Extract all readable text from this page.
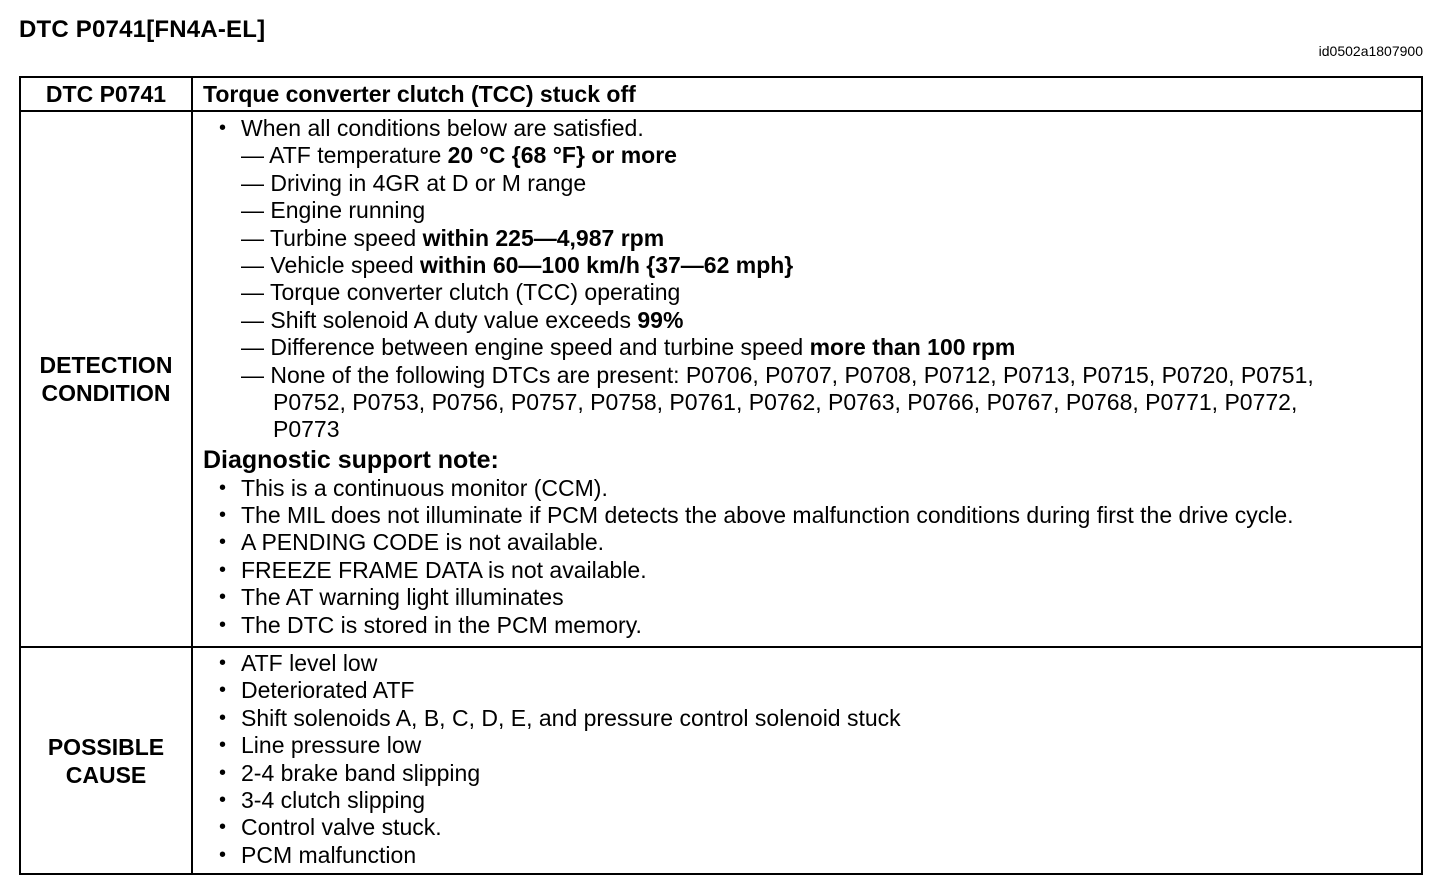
DTC P0741[FN4A-EL]
id0502a1807900
DTC P0741	Torque converter clutch (TCC) stuck off
DETECTION
CONDITION
• When all conditions below are satisfied.
— ATF temperature 20 °C {68 °F} or more
— Driving in 4GR at D or M range
— Engine running
— Turbine speed within 225—4,987 rpm
— Vehicle speed within 60—100 km/h {37—62 mph}
— Torque converter clutch (TCC) operating
— Shift solenoid A duty value exceeds 99%
— Difference between engine speed and turbine speed more than 100 rpm
— None of the following DTCs are present: P0706, P0707, P0708, P0712, P0713, P0715, P0720, P0751,
P0752, P0753, P0756, P0757, P0758, P0761, P0762, P0763, P0766, P0767, P0768, P0771, P0772,
P0773
Diagnostic support note:
• This is a continuous monitor (CCM).
• The MIL does not illuminate if PCM detects the above malfunction conditions during first the drive cycle.
• A PENDING CODE is not available.
• FREEZE FRAME DATA is not available.
• The AT warning light illuminates
• The DTC is stored in the PCM memory.
POSSIBLE
CAUSE
• ATF level low
• Deteriorated ATF
• Shift solenoids A, B, C, D, E, and pressure control solenoid stuck
• Line pressure low
• 2-4 brake band slipping
• 3-4 clutch slipping
• Control valve stuck.
• PCM malfunction
